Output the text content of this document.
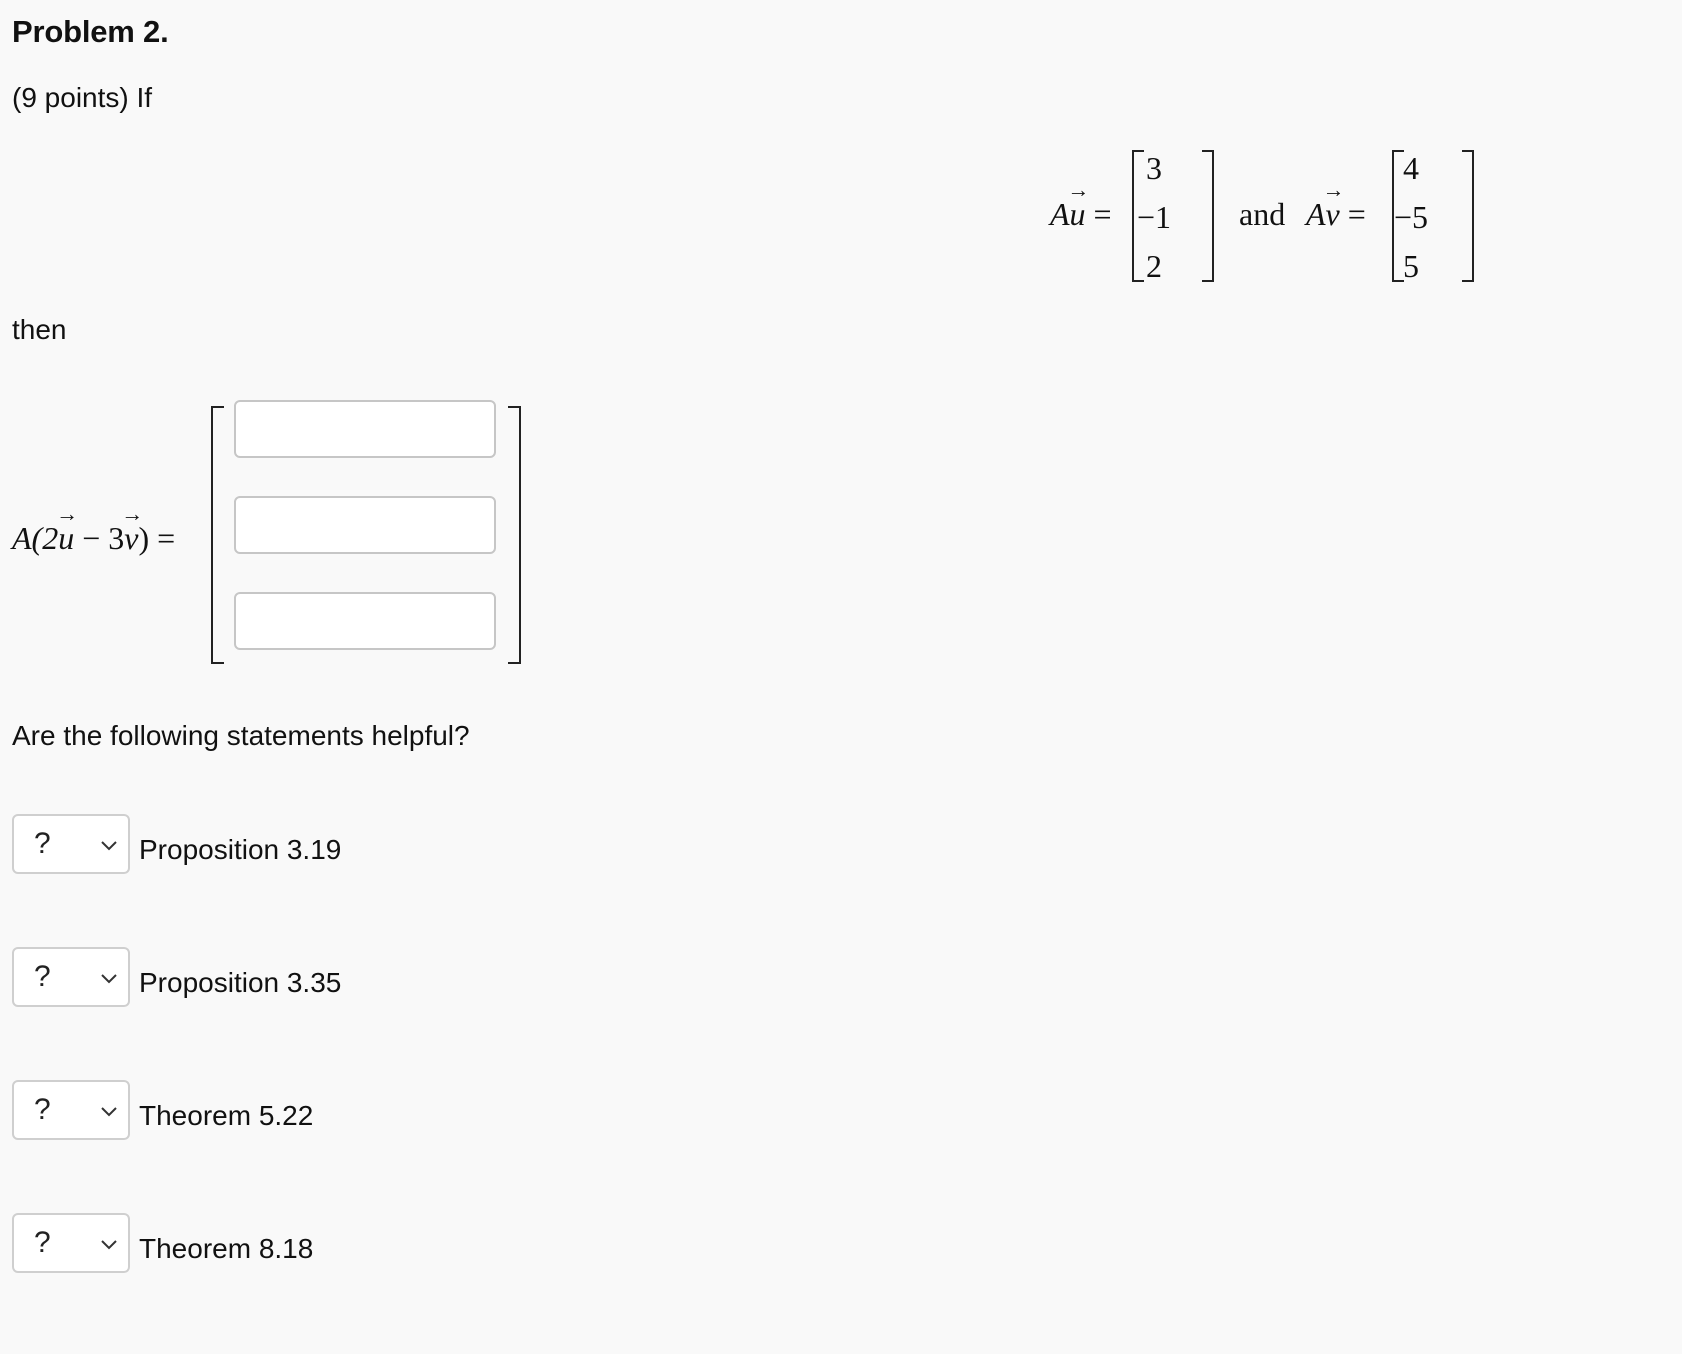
Problem 2.
(9 points) If
Au
→
=
3
−1
2
and Av
→
=
4
−5
5
then
A(2u
→
− 3v
→
) =
Are the following statements helpful?
?	Proposition 3.19
?	Proposition 3.35
?	Theorem 5.22
?	Theorem 8.18
